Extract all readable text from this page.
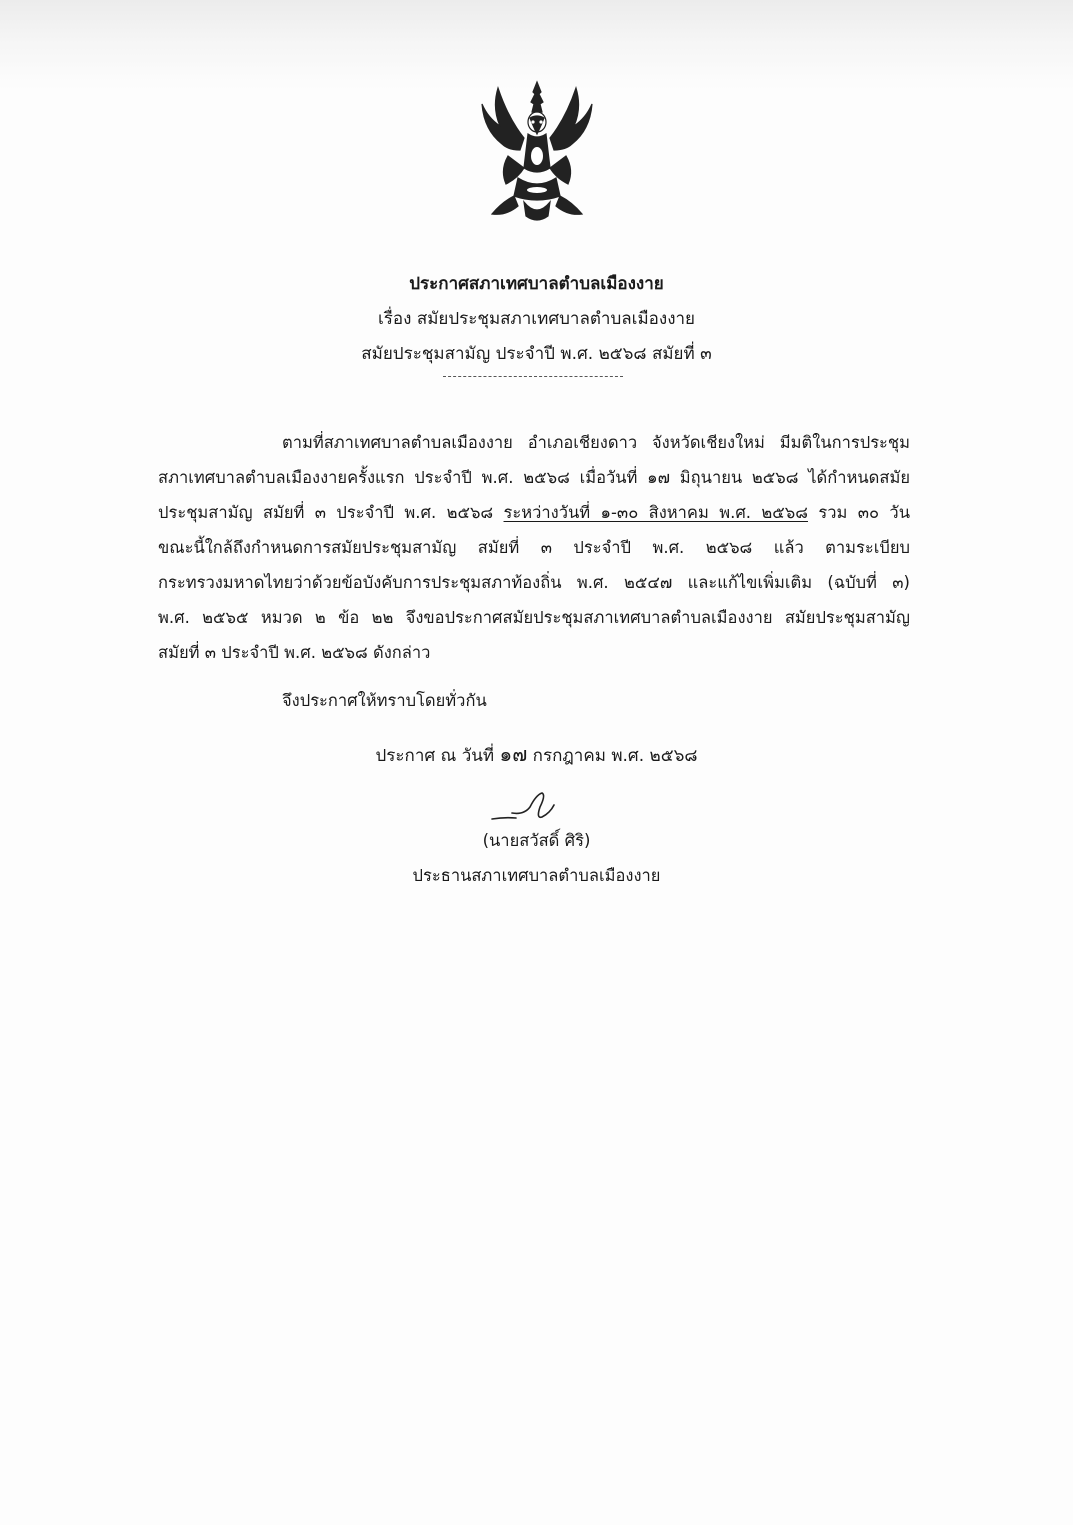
ประกาศสภาเทศบาลตำบลเมืองงาย
เรื่อง สมัยประชุมสภาเทศบาลตำบลเมืองงาย
สมัยประชุมสามัญ ประจำปี พ.ศ. ๒๕๖๘ สมัยที่ ๓
ตามที่สภาเทศบาลตำบลเมืองงาย อำเภอเชียงดาว จังหวัดเชียงใหม่ มีมติในการประชุม
สภาเทศบาลตำบลเมืองงายครั้งแรก ประจำปี พ.ศ. ๒๕๖๘ เมื่อวันที่ ๑๗ มิถุนายน ๒๕๖๘ ได้กำหนดสมัย
ประชุมสามัญ สมัยที่ ๓ ประจำปี พ.ศ. ๒๕๖๘ ระหว่างวันที่ ๑-๓๐ สิงหาคม พ.ศ. ๒๕๖๘ รวม ๓๐ วัน
ขณะนี้ใกล้ถึงกำหนดการสมัยประชุมสามัญ สมัยที่ ๓ ประจำปี พ.ศ. ๒๕๖๘ แล้ว ตามระเบียบ
กระทรวงมหาดไทยว่าด้วยข้อบังคับการประชุมสภาท้องถิ่น พ.ศ. ๒๕๔๗ และแก้ไขเพิ่มเติม (ฉบับที่ ๓)
พ.ศ. ๒๕๖๕ หมวด ๒ ข้อ ๒๒ จึงขอประกาศสมัยประชุมสภาเทศบาลตำบลเมืองงาย สมัยประชุมสามัญ
สมัยที่ ๓ ประจำปี พ.ศ. ๒๕๖๘ ดังกล่าว
จึงประกาศให้ทราบโดยทั่วกัน
ประกาศ ณ วันที่ ๑๗ กรกฎาคม พ.ศ. ๒๕๖๘
(นายสวัสดิ์ ศิริ)
ประธานสภาเทศบาลตำบลเมืองงาย
